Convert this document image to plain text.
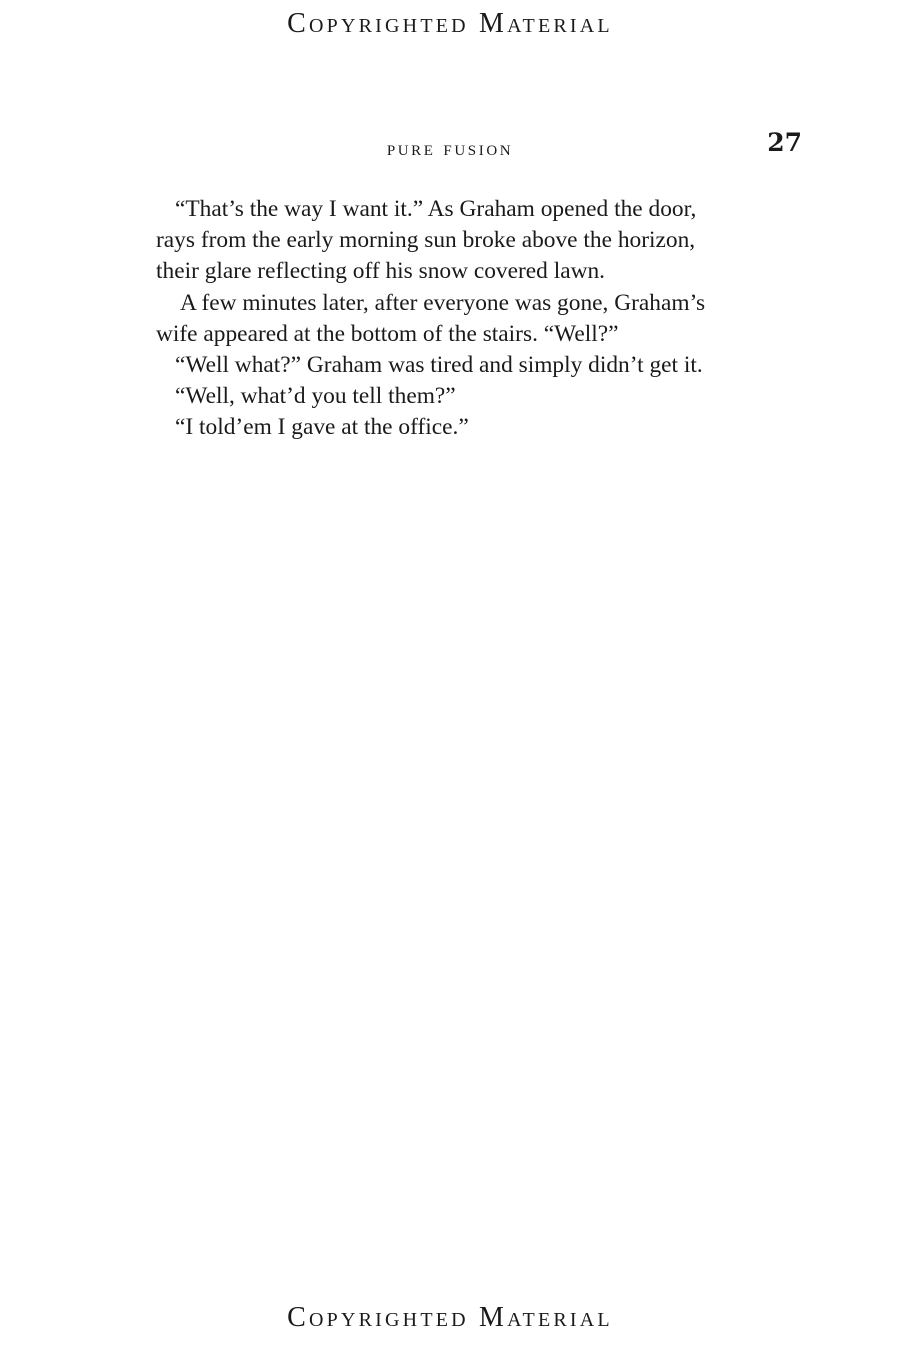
Copyrighted Material
pure fusion	27

“That’s the way I want it.” As Graham opened the door,
rays from the early morning sun broke above the horizon,
their glare reflecting off his snow covered lawn.

A few minutes later, after everyone was gone, Graham’s
wife appeared at the bottom of the stairs. “Well?”

“Well what?” Graham was tired and simply didn’t get it.

“Well, what’d you tell them?”

“I told’em I gave at the office.”

Copyrighted Material
